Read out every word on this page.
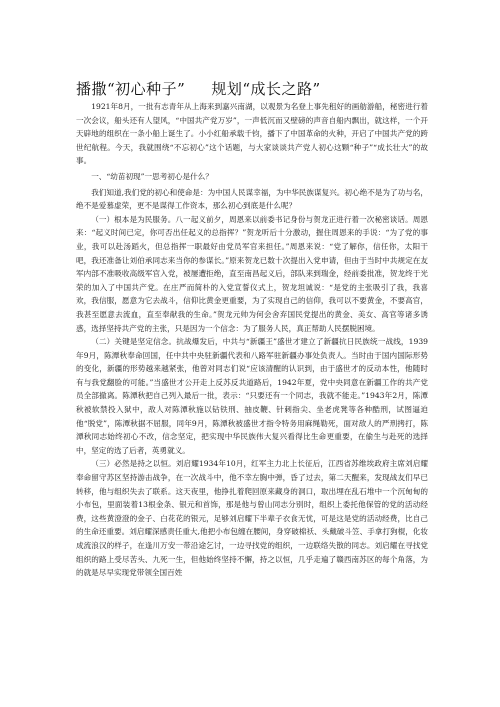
播撒“初心种子” 规划“成长之路”

1921年8月，一批有志青年从上海来到嘉兴南湖，以观景为名登上事先租好的画舫游船，秘密进行着一次会议，船头还有人望风，“中国共产党万岁”，一声低沉而又壁磅的声音自船内飘出，就这样，一个开天辟地的组织在一条小船上诞生了。小小红船承载千钧，播下了中国革命的火种，开启了中国共产党的跨世纪航程。今天，我就围绕“不忘初心”这个话题，与大家谈谈共产党人初心这颗“种子”“成长壮大”的故事。

一、“幼苗初现”一思考初心是什么？

我们知道,我们党的初心和使命是：为中国人民谋幸福，为中华民族谋复兴。初心绝不是为了功与名，绝不是爱慕虚荣，更不是谋得工作资本，那么初心到底是什么呢？

（一）根本是为民服务。八一起义前夕，周恩来以前委书记身份与贺龙正进行着一次秘密谈话。周恩来：“起义时间已定，你可否出任起义的总指挥？”贺龙听后十分激动，握住周恩来的手说：“为了党的事业，我可以赴汤蹈火，但总指挥一职最好由党员军官来担任。”周恩来说：“党了解你，信任你，太阳干吧，我还准备让刘伯承同志来当你的参谋长。”原来贺龙已数十次提出入党申请，但由于当时中共规定在友军内部不准吸收高级军官入党，被屡遭拒绝，直至南昌起义后，部队来到瑞金，经前委批准，贺龙终于光荣的加入了中国共产党。在庄严而简朴的入党宣誓仪式上，贺龙坦诚说：“是党的主张吸引了我，我喜欢，我信服，愿意为它去战斗，信仰比黄金更重要，为了实现自己的信仰，我可以不要黄金，不要高官，我甚至愿意去流血，直至奉献我的生命。”贺龙元帅为何会舍弃国民党提出的黄金、美女、高官等诸多诱惑，选择坚持共产党的主张，只是因为一个信念：为了服务人民，真正帮助人民摆脱困境。

（二）关键是坚定信念。抗战爆发后，中共与“新疆王”盛世才建立了新疆抗日民族统一战线，1939年9月，陈潭秋奉命回国，任中共中央驻新疆代表和八路军驻新疆办事处负责人。当时由于国内国际形势的变化，新疆的形势越来越紧张，他曾对同志们说“应该清醒的认识到，由于盛世才的反动本性，他随时有与我党翻脸的可能。”当盛世才公开走上反苏反共道路后，1942年夏，党中央同意在新疆工作的共产党员全部撤离。陈潭秋把自己列入最后一批，表示：“只要还有一个同志，我就不能走。”1943年2月，陈潭秋被软禁投入狱中，敌人对陈潭秋施以钻铁刑、抽皮鞭、针刺指尖、坐老虎凳等各种酷刑，试图逼迫他“脱党”，陈潭秋据不屈服，同年9月，陈潭秋被盛世才指令特务用麻绳勒死，面对敌人的严刑拷打，陈潭秋同志始终初心不改，信念坚定，把实现中华民族伟大复兴看得比生命更重要，在偷生与赴死的选择中，坚定的选了后者，英勇就义。

（三）必然是持之以恒。刘启耀1934年10月，红军主力北上长征后，江西省苏维埃政府主席刘启耀奉命留守苏区坚持游击战争，在一次战斗中，他不幸左胸中弹，昏了过去，第二天醒来，发现战友们早已转移，他与组织失去了联系。这天夜里，他挣扎着爬回原来藏身的洞口，取出埋在乱石堆中一个沉甸甸的小布包，里面装着13根金条、银元和首饰，那是他与曾山同志分别时，组织上委托他保管的党的活动经费，这些黄澄澄的金子、白花花的银元，足够刘启耀下半辈子衣食无忧，可是这是党的活动经费，比自己的生命还重要。刘启耀深感责任重大,他把小布包缠在腰间，身穿破棉袄、头戴破斗笠、手拿打狗棍，化妆成流浪汉的样子，在逢川万安一带沿途乞讨，一边寻找党的组织，一边联络失散的同志。刘启耀在寻找党组织的路上受尽苦头、九死一生，但他始终坚持不懈，持之以恒，几乎走遍了赣西南苏区的每个角落，为的就是尽早实现党带领全国百姓
